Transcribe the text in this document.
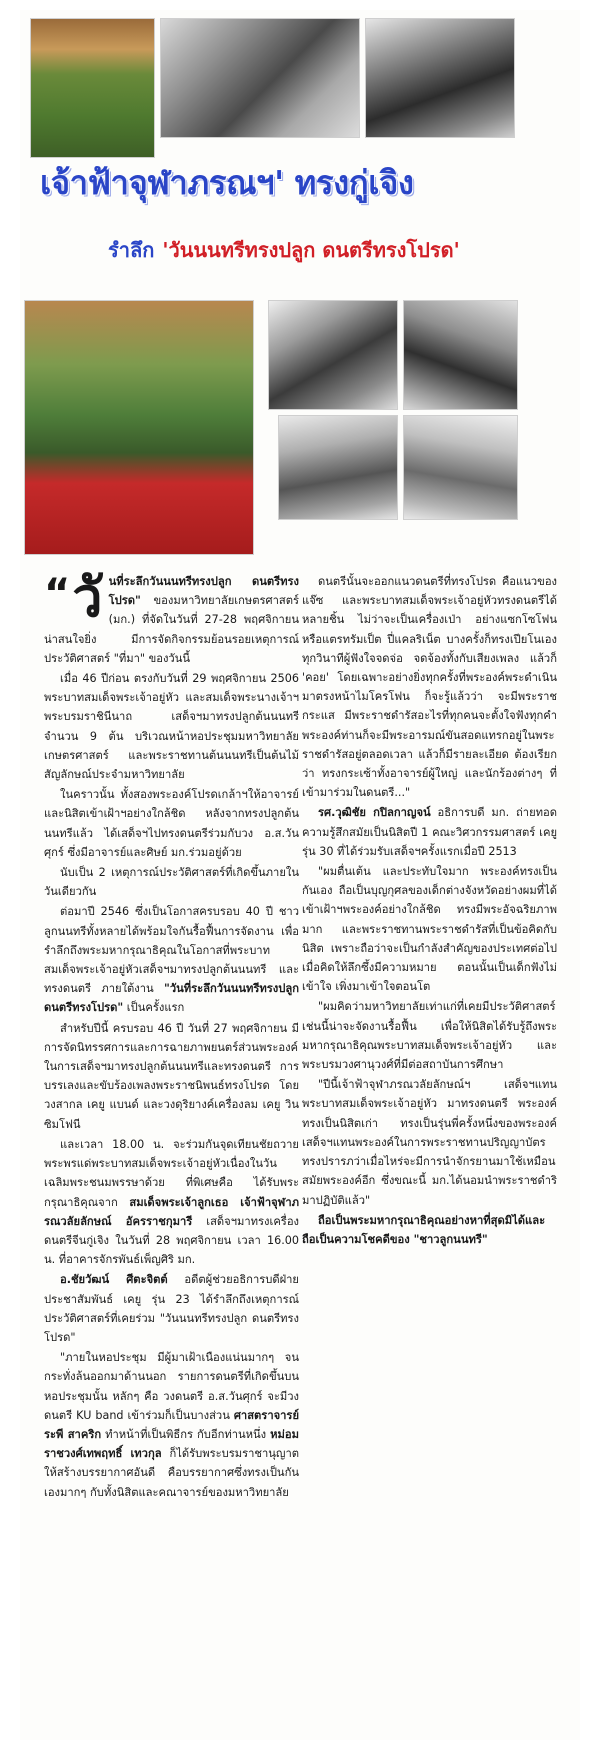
เจ้าฟ้าจุฬาภรณฯ' ทรงกู่เจิง
รำลึก 'วันนนทรีทรงปลูก ดนตรีทรงโปรด'

“ วั นที่ระลึกวันนนทรีทรงปลูก ดนตรีทรงโปรด" ของมหาวิทยาลัยเกษตรศาสตร์ (มก.) ที่จัดในวันที่ 27-28 พฤศจิกายน น่าสนใจยิ่ง มีการจัดกิจกรรมย้อนรอยเหตุการณ์ประวัติศาสตร์ "ที่มา" ของวันนี้

เมื่อ 46 ปีก่อน ตรงกับวันที่ 29 พฤศจิกายน 2506 พระบาทสมเด็จพระเจ้าอยู่หัว และสมเด็จพระนางเจ้าฯ พระบรมราชินีนาถ เสด็จฯมาทรงปลูกต้นนนทรี จำนวน 9 ต้น บริเวณหน้าหอประชุมมหาวิทยาลัยเกษตรศาสตร์ และพระราชทานต้นนนทรีเป็นต้นไม้สัญลักษณ์ประจำมหาวิทยาลัย

ในคราวนั้น ทั้งสองพระองค์โปรดเกล้าฯให้อาจารย์และนิสิตเข้าเฝ้าฯอย่างใกล้ชิด หลังจากทรงปลูกต้นนนทรีแล้ว ได้เสด็จฯไปทรงดนตรีร่วมกับวง อ.ส.วันศุกร์ ซึ่งมีอาจารย์และศิษย์ มก.ร่วมอยู่ด้วย

นับเป็น 2 เหตุการณ์ประวัติศาสตร์ที่เกิดขึ้นภายในวันเดียวกัน

ต่อมาปี 2546 ซึ่งเป็นโอกาสครบรอบ 40 ปี ชาวลูกนนทรีทั้งหลายได้พร้อมใจกันรื้อฟื้นการจัดงาน เพื่อรำลึกถึงพระมหากรุณาธิคุณในโอกาสที่พระบาทสมเด็จพระเจ้าอยู่หัวเสด็จฯมาทรงปลูกต้นนนทรี และทรงดนตรี ภายใต้งาน "วันที่ระลึกวันนนทรีทรงปลูก ดนตรีทรงโปรด" เป็นครั้งแรก

สำหรับปีนี้ ครบรอบ 46 ปี วันที่ 27 พฤศจิกายน มีการจัดนิทรรศการและการฉายภาพยนตร์ส่วนพระองค์ในการเสด็จฯมาทรงปลูกต้นนนทรีและทรงดนตรี การบรรเลงและขับร้องเพลงพระราชนิพนธ์ทรงโปรด โดยวงสากล เคยู แบนด์ และวงดุริยางค์เครื่องลม เคยู วินซิมโฟนี

และเวลา 18.00 น. จะร่วมกันจุดเทียนชัยถวายพระพรแด่พระบาทสมเด็จพระเจ้าอยู่หัวเนื่องในวันเฉลิมพระชนมพรรษาด้วย ที่พิเศษคือ ได้รับพระกรุณาธิคุณจาก สมเด็จพระเจ้าลูกเธอ เจ้าฟ้าจุฬาภรณวลัยลักษณ์ อัครราชกุมารี เสด็จฯมาทรงเครื่องดนตรีจีนกู่เจิง ในวันที่ 28 พฤศจิกายน เวลา 16.00 น. ที่อาคารจักรพันธ์เพ็ญศิริ มก.

อ.ชัยวัฒน์ ศีตะจิตต์ อดีตผู้ช่วยอธิการบดีฝ่ายประชาสัมพันธ์ เคยู รุ่น 23 ได้รำลึกถึงเหตุการณ์ประวัติศาสตร์ที่เคยร่วม "วันนนทรีทรงปลูก ดนตรีทรงโปรด"

"ภายในหอประชุม มีผู้มาเฝ้าเนืองแน่นมากๆ จนกระทั่งล้นออกมาด้านนอก รายการดนตรีที่เกิดขึ้นบนหอประชุมนั้น หลักๆ คือ วงดนตรี อ.ส.วันศุกร์ จะมีวงดนตรี KU band เข้าร่วมก็เป็นบางส่วน ศาสตราจารย์ระพี สาคริก ทำหน้าที่เป็นพิธีกร กับอีกท่านหนึ่ง หม่อมราชวงศ์เทพฤทธิ์ เทวกุล ก็ได้รับพระบรมราชานุญาตให้สร้างบรรยากาศอันดี คือบรรยากาศซึ่งทรงเป็นกันเองมากๆ กับทั้งนิสิตและคณาจารย์ของมหาวิทยาลัย

ดนตรีนั้นจะออกแนวดนตรีที่ทรงโปรด คือแนวของแจ๊ซ และพระบาทสมเด็จพระเจ้าอยู่หัวทรงดนตรีได้หลายชิ้น ไม่ว่าจะเป็นเครื่องเป่า อย่างแซกโซโฟน หรือแตรทรัมเป็ต ปี่แคลริเน็ต บางครั้งก็ทรงเปียโนเอง ทุกวินาทีผู้ฟังใจจดจ่อ จดจ้องทั้งกับเสียงเพลง แล้วก็ 'คอย' โดยเฉพาะอย่างยิ่งทุกครั้งที่พระองค์พระดำเนินมาตรงหน้าไมโครโฟน ก็จะรู้แล้วว่า จะมีพระราชกระแส มีพระราชดำรัสอะไรที่ทุกคนจะตั้งใจฟังทุกคำ พระองค์ท่านก็จะมีพระอารมณ์ขันสอดแทรกอยู่ในพระราชดำรัสอยู่ตลอดเวลา แล้วก็มีรายละเอียด ต้องเรียกว่า ทรงกระเซ้าทั้งอาจารย์ผู้ใหญ่ และนักร้องต่างๆ ที่เข้ามาร่วมในดนตรี..."

รศ.วุฒิชัย กปิลกาญจน์ อธิการบดี มก. ถ่ายทอดความรู้สึกสมัยเป็นนิสิตปี 1 คณะวิศวกรรมศาสตร์ เคยู รุ่น 30 ที่ได้ร่วมรับเสด็จฯครั้งแรกเมื่อปี 2513

"ผมตื่นเต้น และประทับใจมาก พระองค์ทรงเป็นกันเอง ถือเป็นบุญกุศลของเด็กต่างจังหวัดอย่างผมที่ได้เข้าเฝ้าฯพระองค์อย่างใกล้ชิด ทรงมีพระอัจฉริยภาพมาก และพระราชทานพระราชดำรัสที่เป็นข้อคิดกับนิสิต เพราะถือว่าจะเป็นกำลังสำคัญของประเทศต่อไป เมื่อคิดให้ลึกซึ้งมีความหมาย ตอนนั้นเป็นเด็กฟังไม่เข้าใจ เพิ่งมาเข้าใจตอนโต

"ผมคิดว่ามหาวิทยาลัยเท่าแก่ที่เคยมีประวัติศาสตร์เช่นนี้น่าจะจัดงานรื้อฟื้น เพื่อให้นิสิตได้รับรู้ถึงพระมหากรุณาธิคุณพระบาทสมเด็จพระเจ้าอยู่หัว และพระบรมวงศานุวงศ์ที่มีต่อสถาบันการศึกษา

"ปีนี้เจ้าฟ้าจุฬาภรณวลัยลักษณ์ฯ เสด็จฯแทนพระบาทสมเด็จพระเจ้าอยู่หัว มาทรงดนตรี พระองค์ทรงเป็นนิสิตเก่า ทรงเป็นรุ่นพี่ครั้งหนึ่งของพระองค์เสด็จฯแทนพระองค์ในการพระราชทานปริญญาบัตร ทรงปรารภว่าเมื่อไหร่จะมีการนำจักรยานมาใช้เหมือนสมัยพระองค์อีก ซึ่งขณะนี้ มก.ได้นอมนำพระราชดำริมาปฏิบัติแล้ว"

ถือเป็นพระมหากรุณาธิคุณอย่างหาที่สุดมิได้และถือเป็นความโชคดีของ "ชาวลูกนนทรี"
